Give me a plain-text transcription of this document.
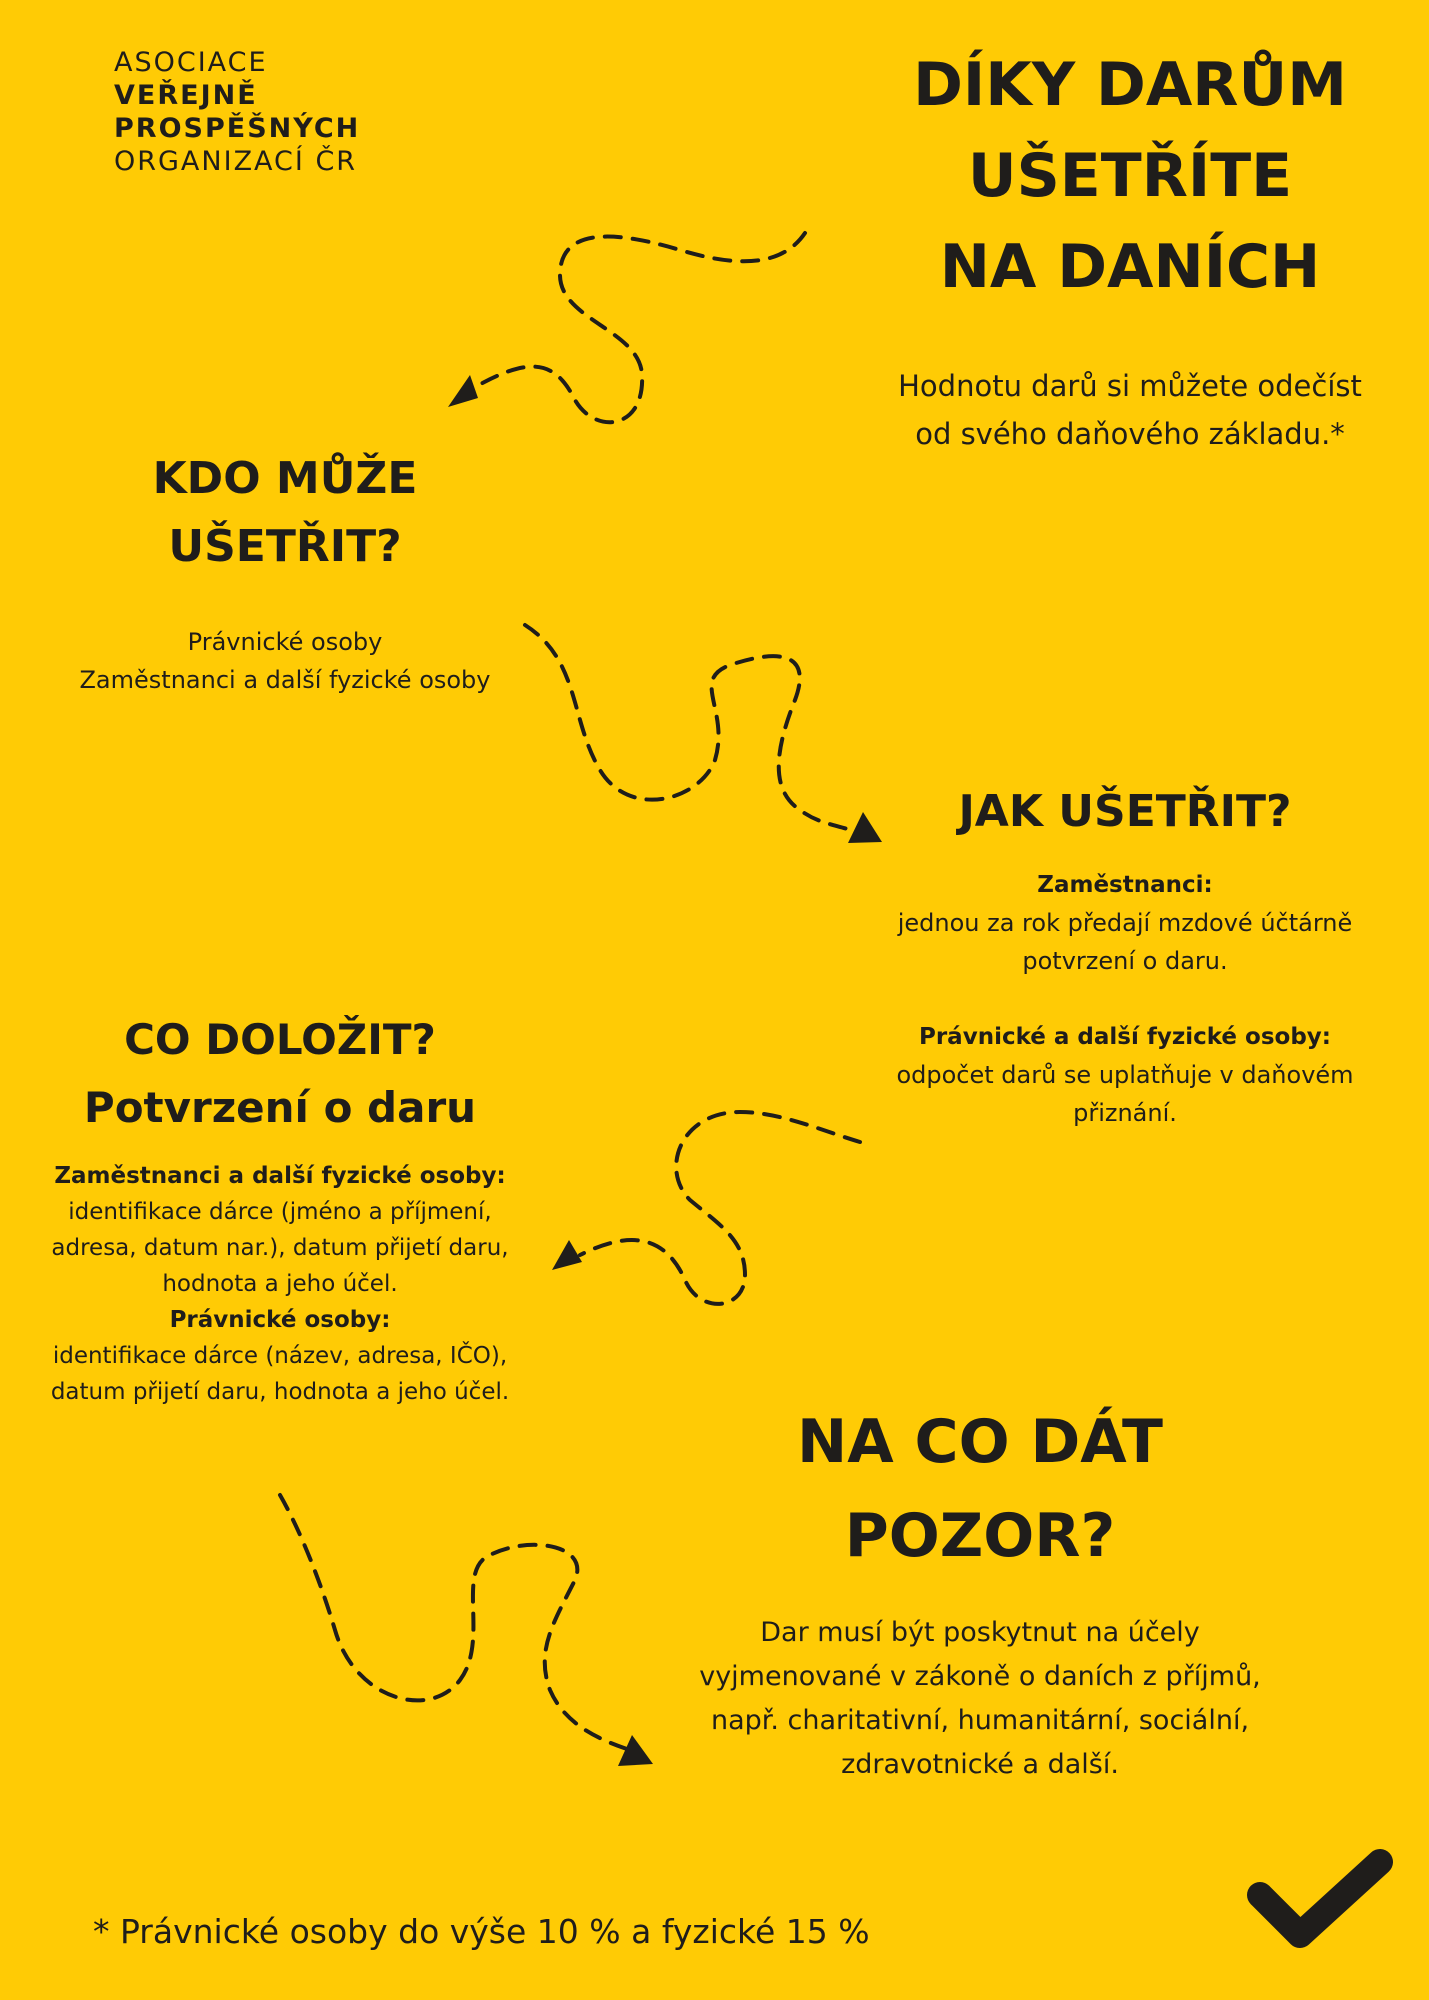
ASOCIACE
VEŘEJNĚ
PROSPĚŠNÝCH
ORGANIZACÍ ČR
DÍKY DARŮM
UŠETŘÍTE
NA DANÍCH
Hodnotu darů si můžete odečíst
od svého daňového základu.*
KDO MŮŽE
UŠETŘIT?
Právnické osoby
Zaměstnanci a další fyzické osoby
JAK UŠETŘIT?
Zaměstnanci:
jednou za rok předají mzdové účtárně
potvrzení o daru.
Právnické a další fyzické osoby:
odpočet darů se uplatňuje v daňovém
přiznání.
CO DOLOŽIT?
Potvrzení o daru
Zaměstnanci a další fyzické osoby:
identifikace dárce (jméno a příjmení,
adresa, datum nar.), datum přijetí daru,
hodnota a jeho účel.
Právnické osoby:
identifikace dárce (název, adresa, IČO),
datum přijetí daru, hodnota a jeho účel.
NA CO DÁT
POZOR?
Dar musí být poskytnut na účely
vyjmenované v zákoně o daních z příjmů,
např. charitativní, humanitární, sociální,
zdravotnické a další.
* Právnické osoby do výše 10 % a fyzické 15 %
